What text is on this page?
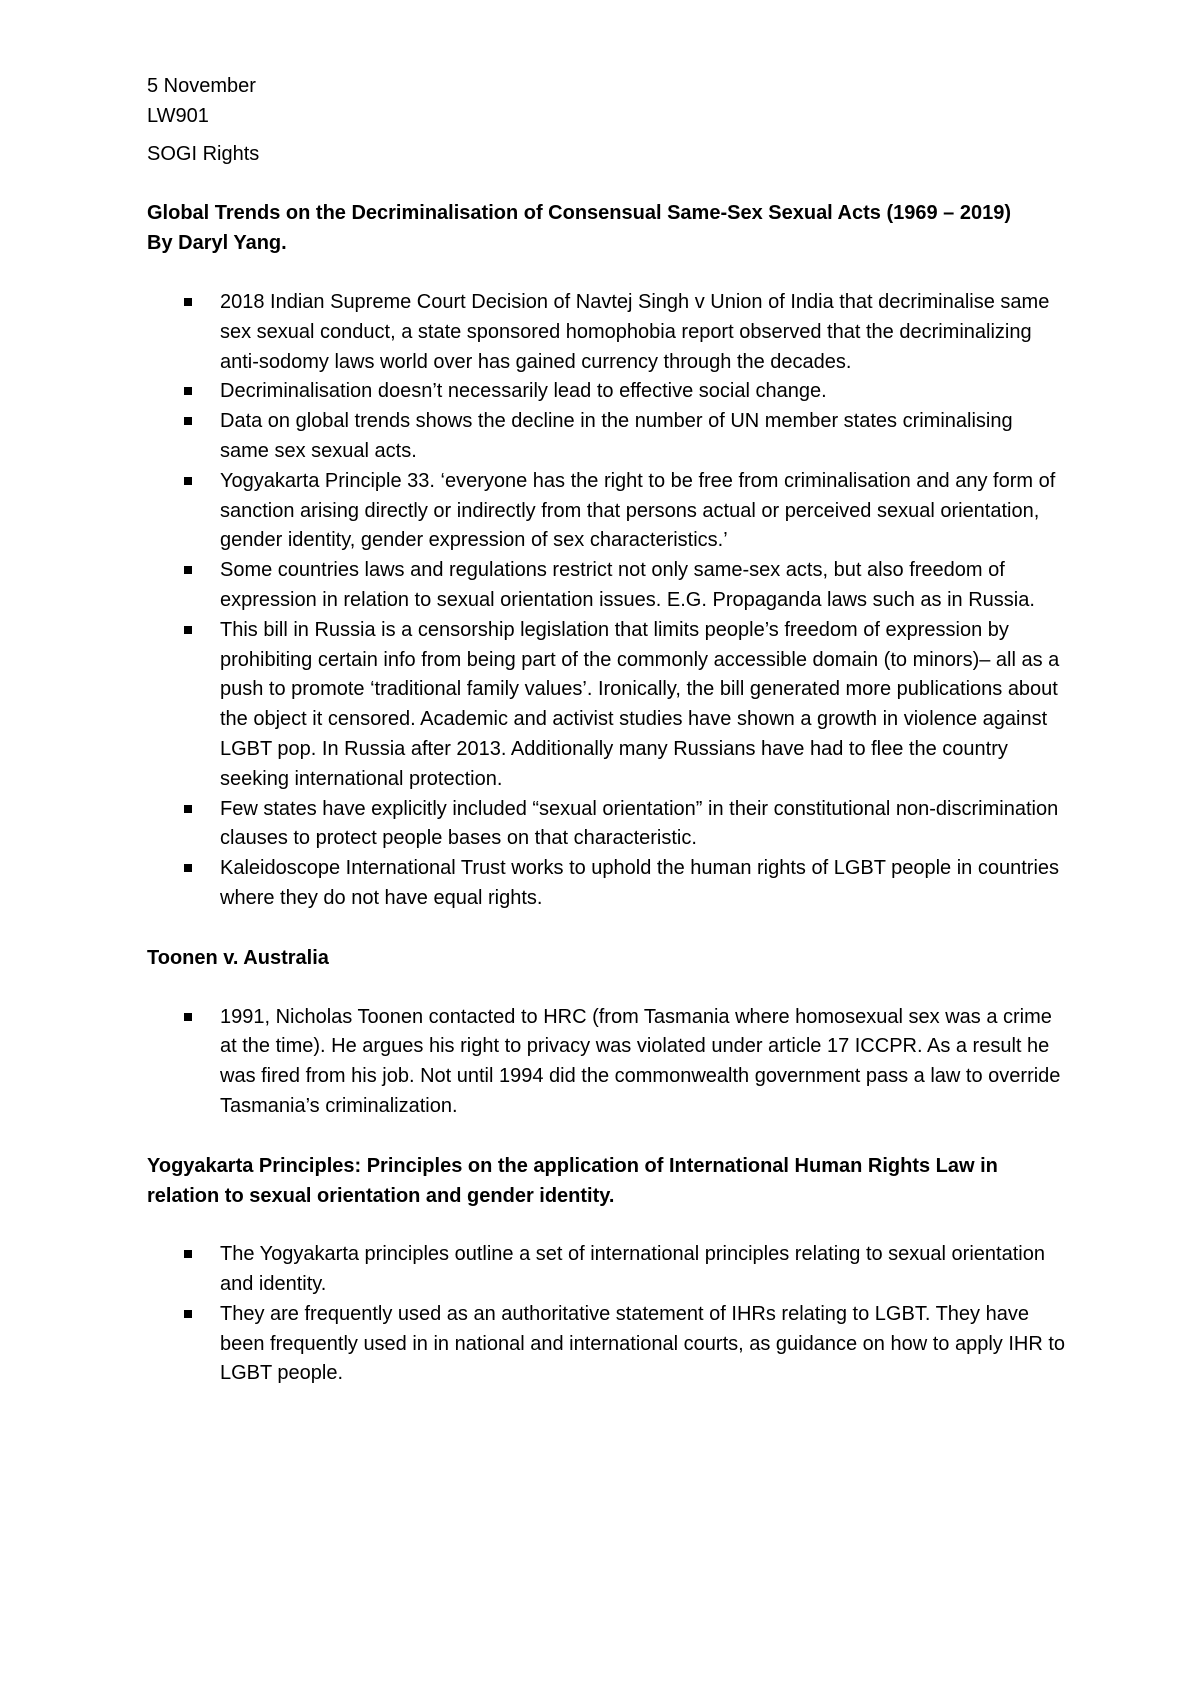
5 November

LW901

SOGI Rights

Global Trends on the Decriminalisation of Consensual Same-Sex Sexual Acts (1969 – 2019)

By Daryl Yang.

2018 Indian Supreme Court Decision of Navtej Singh v Union of India that decriminalise same sex sexual conduct, a state sponsored homophobia report observed that the decriminalizing anti-sodomy laws world over has gained currency through the decades.
Decriminalisation doesn’t necessarily lead to effective social change.
Data on global trends shows the decline in the number of UN member states criminalising same sex sexual acts.
Yogyakarta Principle 33. ‘everyone has the right to be free from criminalisation and any form of sanction arising directly or indirectly from that persons actual or perceived sexual orientation, gender identity, gender expression of sex characteristics.’
Some countries laws and regulations restrict not only same-sex acts, but also freedom of expression in relation to sexual orientation issues. E.G. Propaganda laws such as in Russia.
This bill in Russia is a censorship legislation that limits people’s freedom of expression by prohibiting certain info from being part of the commonly accessible domain (to minors)– all as a push to promote ‘traditional family values’. Ironically, the bill generated more publications about the object it censored. Academic and activist studies have shown a growth in violence against LGBT pop. In Russia after 2013. Additionally many Russians have had to flee the country seeking international protection.
Few states have explicitly included “sexual orientation” in their constitutional non-discrimination clauses to protect people bases on that characteristic.
Kaleidoscope International Trust works to uphold the human rights of LGBT people in countries where they do not have equal rights.

Toonen v. Australia

1991, Nicholas Toonen contacted to HRC (from Tasmania where homosexual sex was a crime at the time). He argues his right to privacy was violated under article 17 ICCPR. As a result he was fired from his job. Not until 1994 did the commonwealth government pass a law to override Tasmania’s criminalization.

Yogyakarta Principles: Principles on the application of International Human Rights Law in relation to sexual orientation and gender identity.

The Yogyakarta principles outline a set of international principles relating to sexual orientation and identity.
They are frequently used as an authoritative statement of IHRs relating to LGBT. They have been frequently used in in national and international courts, as guidance on how to apply IHR to LGBT people.
